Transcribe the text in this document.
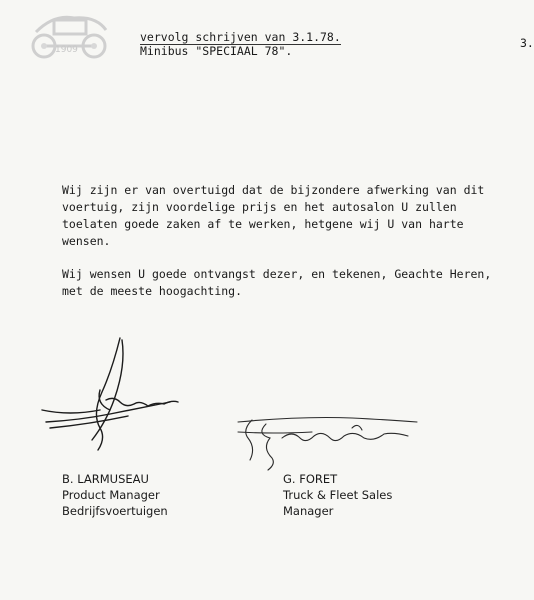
1909
vervolg schrijven van 3.1.78.
Minibus "SPECIAAL 78".
3.

Wij zijn er van overtuigd dat de bijzondere afwerking van dit voertuig, zijn voordelige prijs en het autosalon U zullen toelaten goede zaken af te werken, hetgene wij U van harte wensen.

Wij wensen U goede ontvangst dezer, en tekenen, Geachte Heren, met de meeste hoogachting.

B. LARMUSEAU
Product Manager
Bedrijfsvoertuigen
G. FORET
Truck & Fleet Sales
Manager
